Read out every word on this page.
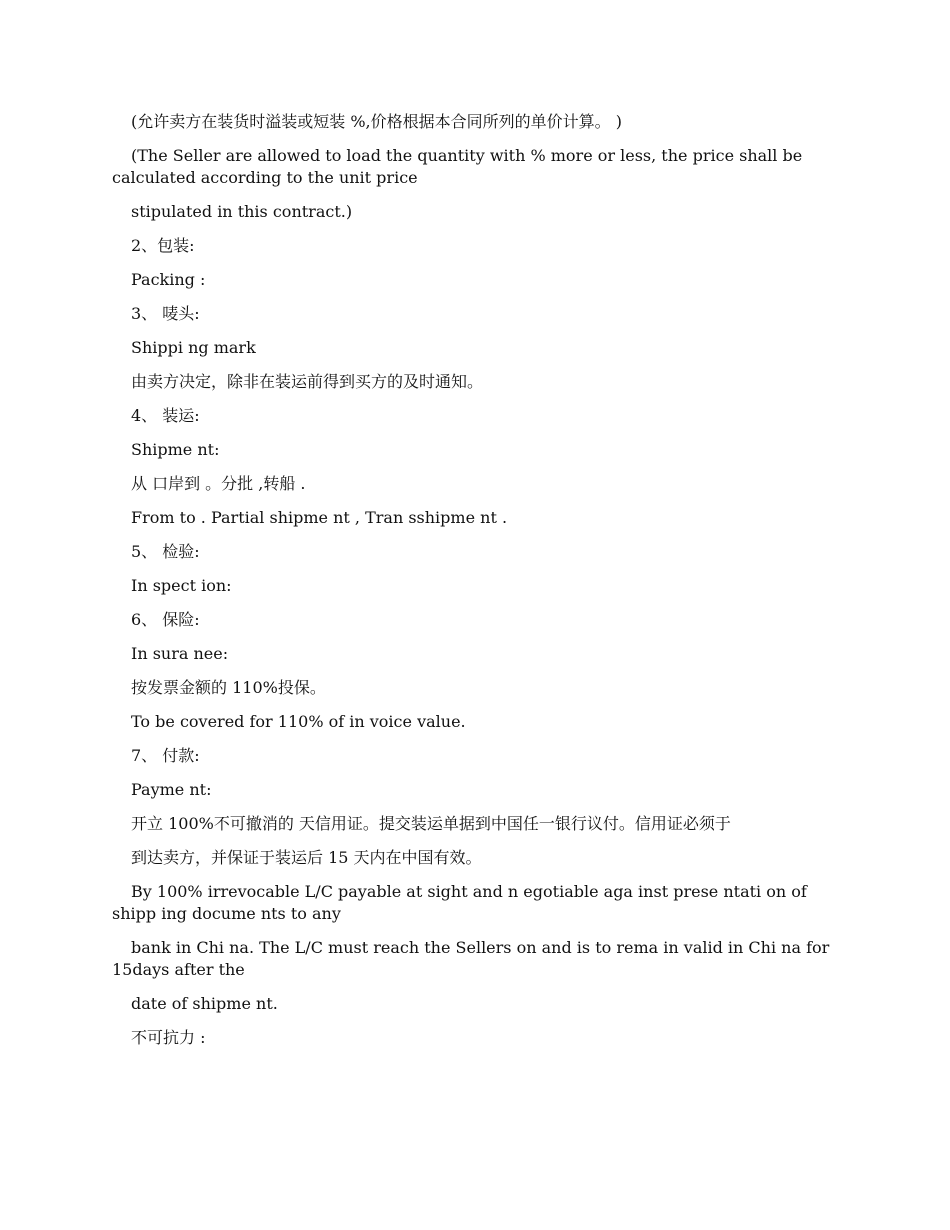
(允许卖方在装货时溢装或短装 %,价格根据本合同所列的单价计算。 )

(The Seller are allowed to load the quantity with % more or less, the price shall be calculated according to the unit price

stipulated in this contract.)

2、包装:

Packing :

3、 唛头:

Shippi ng mark

由卖方决定，除非在装运前得到买方的及时通知。

4、 装运:

Shipme nt:

从 口岸到 。分批 ,转船 .

From to . Partial shipme nt , Tran sshipme nt .

5、 检验:

In spect ion:

6、 保险:

In sura nee:

按发票金额的 110%投保。

To be covered for 110% of in voice value.

7、 付款:

Payme nt:

开立 100%不可撤消的 天信用证。提交装运单据到中国任一银行议付。信用证必须于

到达卖方，并保证于装运后 15 天内在中国有效。

By 100% irrevocable L/C payable at sight and n egotiable aga inst prese ntati on of shipp ing docume nts to any

bank in Chi na. The L/C must reach the Sellers on and is to rema in valid in Chi na for 15days after the

date of shipme nt.

不可抗力 :
